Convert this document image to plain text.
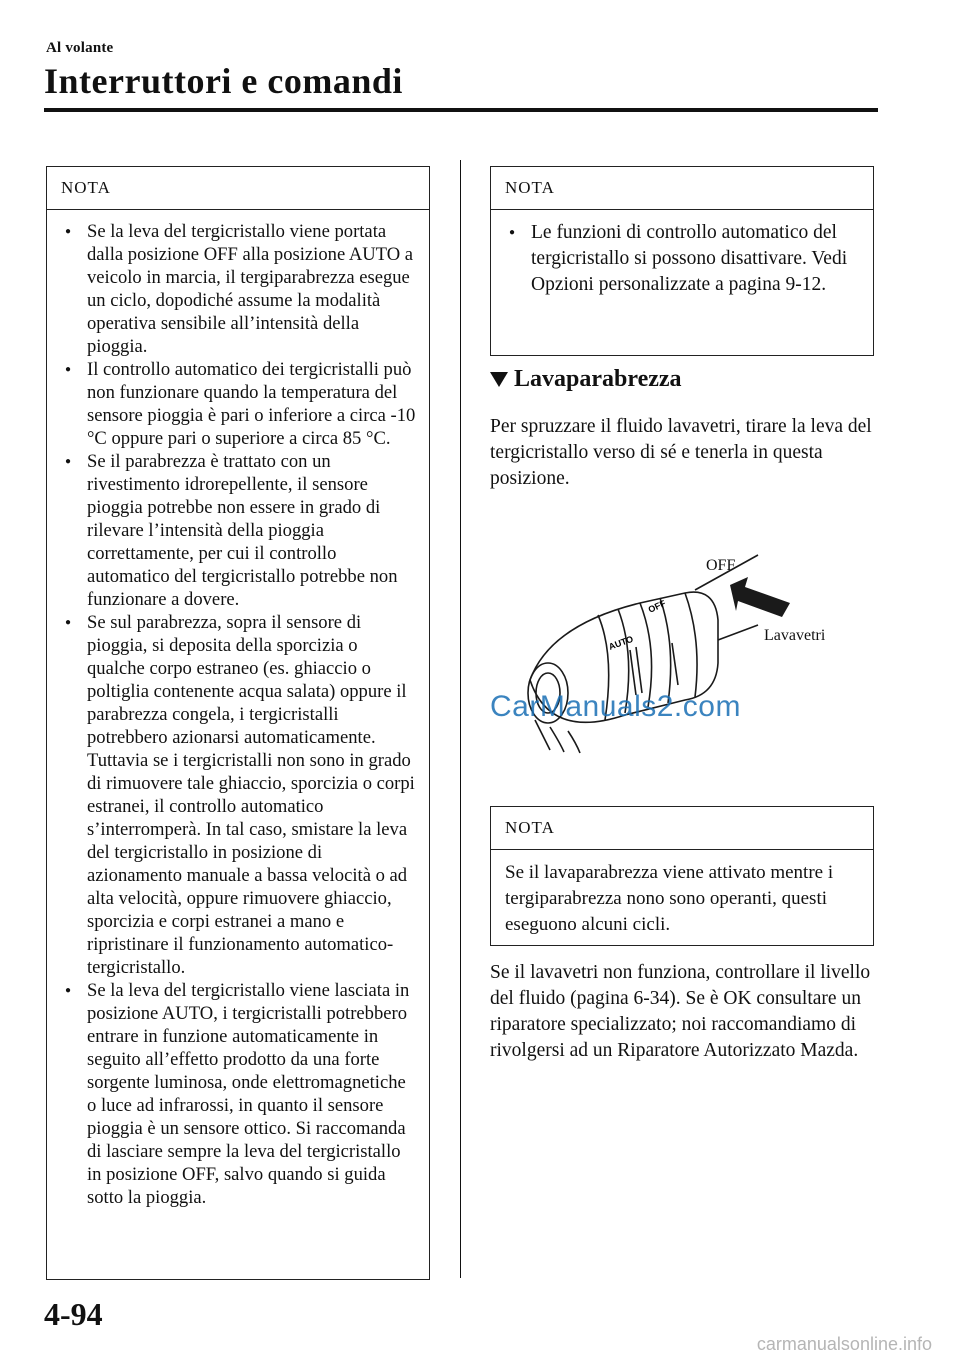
Al volante
Interruttori e comandi
NOTA
● Se la leva del tergicristallo viene portata dalla posizione OFF alla posizione AUTO a veicolo in marcia, il tergiparabrezza esegue un ciclo, dopodiché assume la modalità operativa sensibile all’intensità della pioggia.
● Il controllo automatico dei tergicristalli può non funzionare quando la temperatura del sensore pioggia è pari o inferiore a circa -10 °C oppure pari o superiore a circa 85 °C.
● Se il parabrezza è trattato con un rivestimento idrorepellente, il sensore pioggia potrebbe non essere in grado di rilevare l’intensità della pioggia correttamente, per cui il controllo automatico del tergicristallo potrebbe non funzionare a dovere.
● Se sul parabrezza, sopra il sensore di pioggia, si deposita della sporcizia o qualche corpo estraneo (es. ghiaccio o poltiglia contenente acqua salata) oppure il parabrezza congela, i tergicristalli potrebbero azionarsi automaticamente. Tuttavia se i tergicristalli non sono in grado di rimuovere tale ghiaccio, sporcizia o corpi estranei, il controllo automatico s’interromperà. In tal caso, smistare la leva del tergicristallo in posizione di azionamento manuale a bassa velocità o ad alta velocità, oppure rimuovere ghiaccio, sporcizia e corpi estranei a mano e ripristinare il funzionamento automatico-tergicristallo.
● Se la leva del tergicristallo viene lasciata in posizione AUTO, i tergicristalli potrebbero entrare in funzione automaticamente in seguito all’effetto prodotto da una forte sorgente luminosa, onde elettromagnetiche o luce ad infrarossi, in quanto il sensore pioggia è un sensore ottico. Si raccomanda di lasciare sempre la leva del tergicristallo in posizione OFF, salvo quando si guida sotto la pioggia.
NOTA
● Le funzioni di controllo automatico del tergicristallo si possono disattivare. Vedi Opzioni personalizzate a pagina 9-12.
Lavaparabrezza

Per spruzzare il fluido lavavetri, tirare la leva del tergicristallo verso di sé e tenerla in questa posizione.

AUTO
OFF
OFF
Lavavetri
CarManuals2.com
NOTA
Se il lavaparabrezza viene attivato mentre i tergiparabrezza nono sono operanti, questi eseguono alcuni cicli.

Se il lavavetri non funziona, controllare il livello del fluido (pagina 6-34). Se è OK consultare un riparatore specializzato; noi raccomandiamo di rivolgersi ad un Riparatore Autorizzato Mazda.

4-94
carmanualsonline.info
